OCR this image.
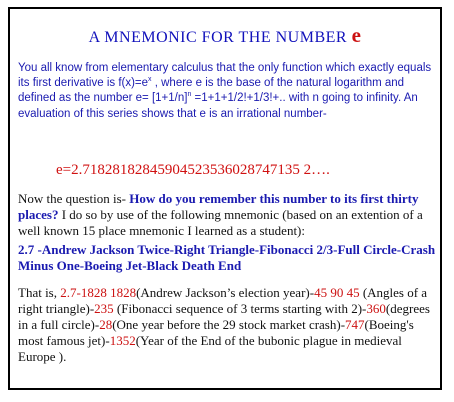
A MNEMONIC FOR THE NUMBER e
You all know from elementary calculus that the only function which exactly equals its first derivative is $f(x)=e^x$ , where e is the base of the natural logarithm and defined as the number $e= [1+1/n]^n =1+1+1/2!+1/3!+$.. with n going to infinity. An evaluation of this series shows that e is an irrational number-
e=2.71828182845904523536028747135 2….
Now the question is- How do you remember this number to its first thirty places? I do so by use of the following mnemonic (based on an extention of a well known 15 place mnemonic I learned as a student):
2.7 -Andrew Jackson Twice-Right Triangle-Fibonacci 2/3-Full Circle-Crash Minus One-Boeing Jet-Black Death End
That is, 2.7-1828 1828(Andrew Jackson’s election year)-45 90 45 (Angles of a right triangle)-235 (Fibonacci sequence of 3 terms starting with 2)-360(degrees in a full circle)-28(One year before the 29 stock market crash)-747(Boeing's most famous jet)-1352(Year of the End of the bubonic plague in medieval Europe ).
